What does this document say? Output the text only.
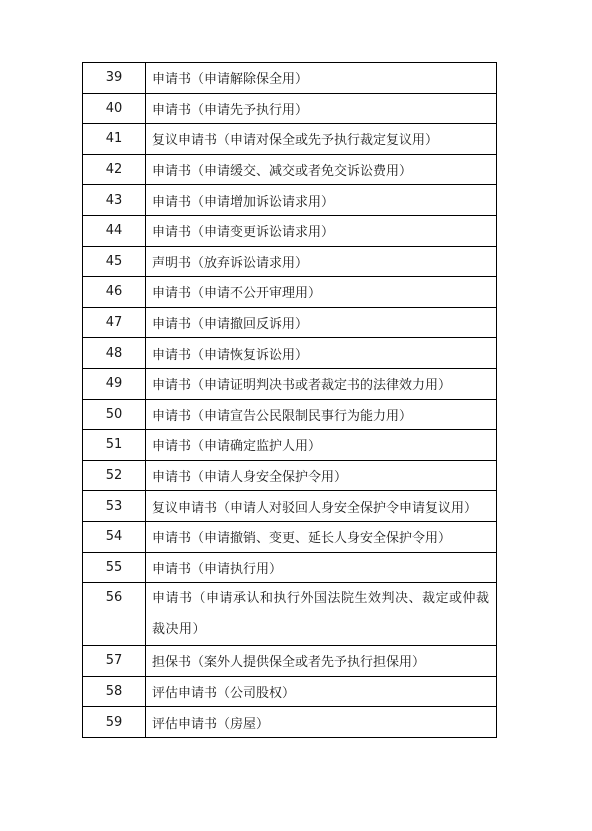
39	申请书（申请解除保全用）
40	申请书（申请先予执行用）
41	复议申请书（申请对保全或先予执行裁定复议用）
42	申请书（申请缓交、减交或者免交诉讼费用）
43	申请书（申请增加诉讼请求用）
44	申请书（申请变更诉讼请求用）
45	声明书（放弃诉讼请求用）
46	申请书（申请不公开审理用）
47	申请书（申请撤回反诉用）
48	申请书（申请恢复诉讼用）
49	申请书（申请证明判决书或者裁定书的法律效力用）
50	申请书（申请宣告公民限制民事行为能力用）
51	申请书（申请确定监护人用）
52	申请书（申请人身安全保护令用）
53	复议申请书（申请人对驳回人身安全保护令申请复议用）
54	申请书（申请撤销、变更、延长人身安全保护令用）
55	申请书（申请执行用）
56	申请书（申请承认和执行外国法院生效判决、裁定或仲裁裁决用）
57	担保书（案外人提供保全或者先予执行担保用）
58	评估申请书（公司股权）
59	评估申请书（房屋）
